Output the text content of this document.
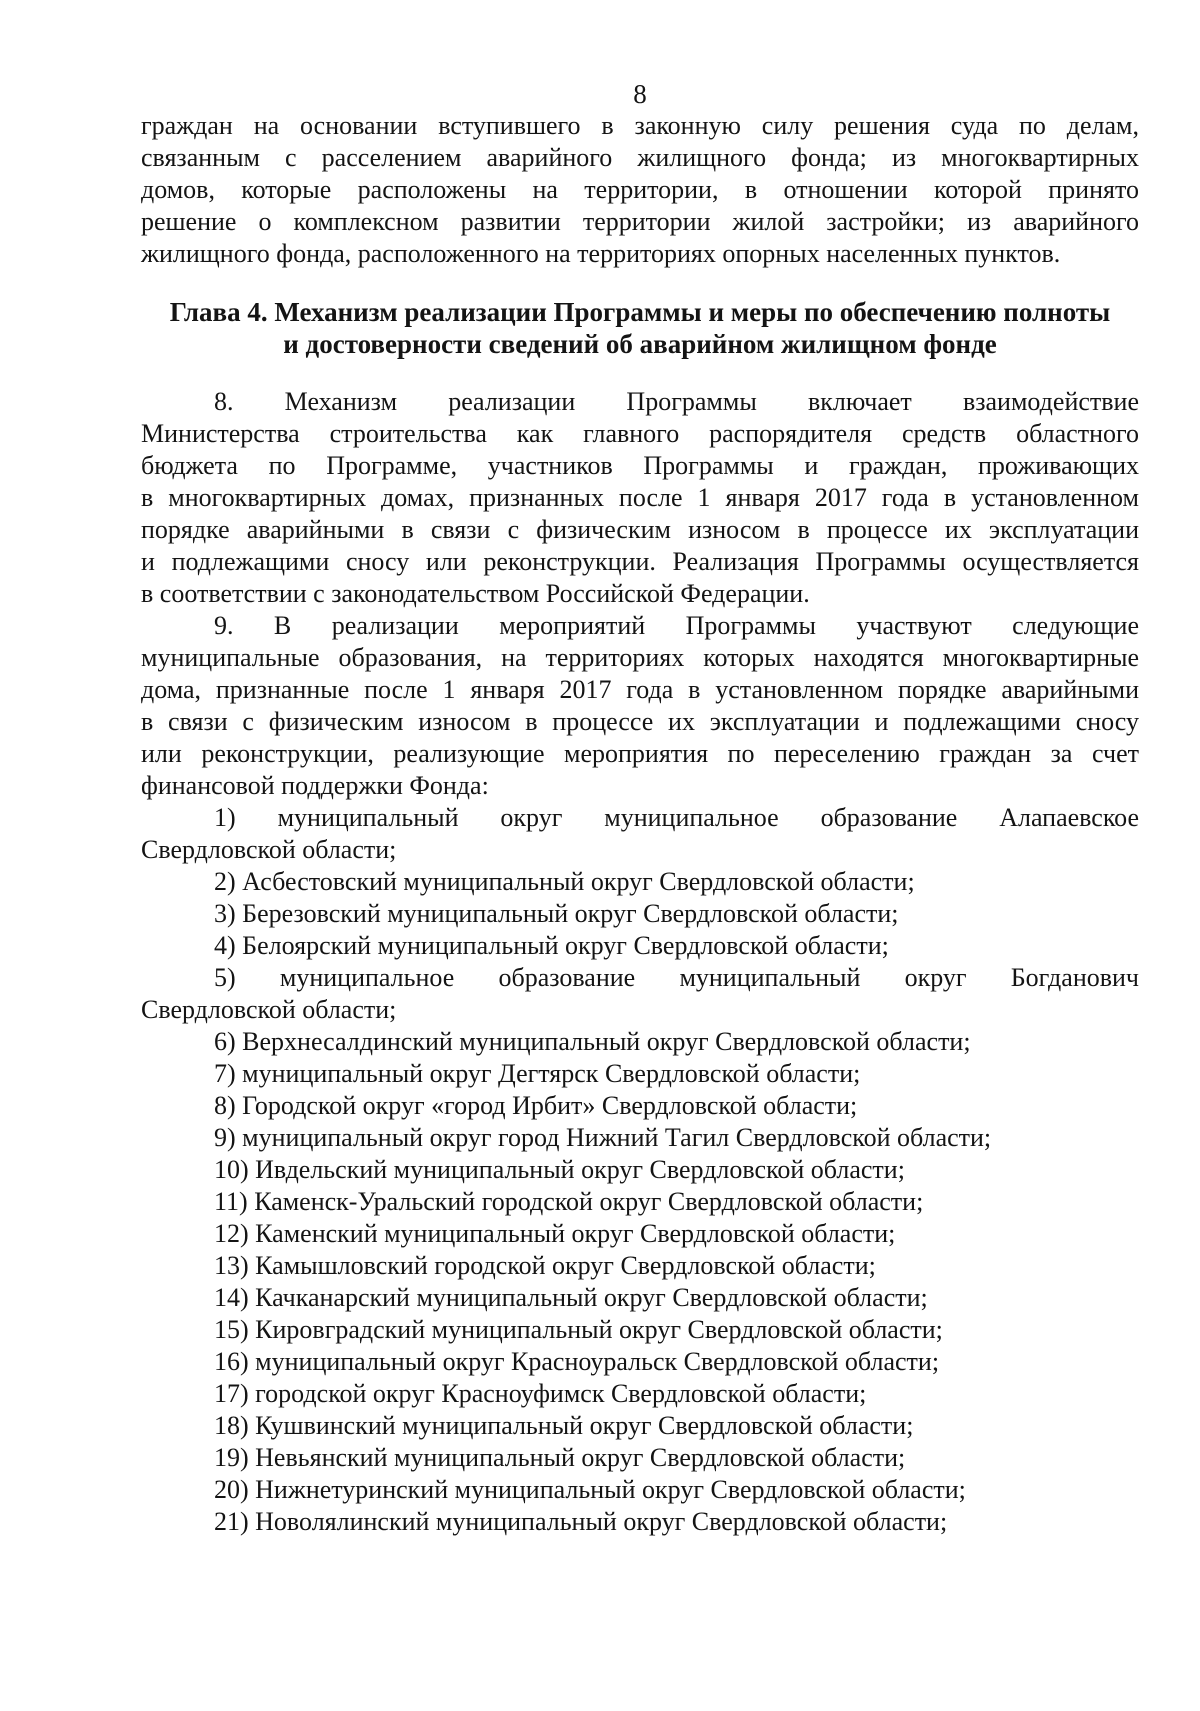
8
граждан на основании вступившего в законную силу решения суда по делам,
связанным с расселением аварийного жилищного фонда; из многоквартирных
домов, которые расположены на территории, в отношении которой принято
решение о комплексном развитии территории жилой застройки; из аварийного
жилищного фонда, расположенного на территориях опорных населенных пунктов.
Глава 4. Механизм реализации Программы и меры по обеспечению полноты
и достоверности сведений об аварийном жилищном фонде
8. Механизм реализации Программы включает взаимодействие
Министерства строительства как главного распорядителя средств областного
бюджета по Программе, участников Программы и граждан, проживающих
в многоквартирных домах, признанных после 1 января 2017 года в установленном
порядке аварийными в связи с физическим износом в процессе их эксплуатации
и подлежащими сносу или реконструкции. Реализация Программы осуществляется
в соответствии с законодательством Российской Федерации.
9. В реализации мероприятий Программы участвуют следующие
муниципальные образования, на территориях которых находятся многоквартирные
дома, признанные после 1 января 2017 года в установленном порядке аварийными
в связи с физическим износом в процессе их эксплуатации и подлежащими сносу
или реконструкции, реализующие мероприятия по переселению граждан за счет
финансовой поддержки Фонда:
1) муниципальный округ муниципальное образование Алапаевское
Свердловской области;
2) Асбестовский муниципальный округ Свердловской области;
3) Березовский муниципальный округ Свердловской области;
4) Белоярский муниципальный округ Свердловской области;
5) муниципальное образование муниципальный округ Богданович
Свердловской области;
6) Верхнесалдинский муниципальный округ Свердловской области;
7) муниципальный округ Дегтярск Свердловской области;
8) Городской округ «город Ирбит» Свердловской области;
9) муниципальный округ город Нижний Тагил Свердловской области;
10) Ивдельский муниципальный округ Свердловской области;
11) Каменск-Уральский городской округ Свердловской области;
12) Каменский муниципальный округ Свердловской области;
13) Камышловский городской округ Свердловской области;
14) Качканарский муниципальный округ Свердловской области;
15) Кировградский муниципальный округ Свердловской области;
16) муниципальный округ Красноуральск Свердловской области;
17) городской округ Красноуфимск Свердловской области;
18) Кушвинский муниципальный округ Свердловской области;
19) Невьянский муниципальный округ Свердловской области;
20) Нижнетуринский муниципальный округ Свердловской области;
21) Новолялинский муниципальный округ Свердловской области;
